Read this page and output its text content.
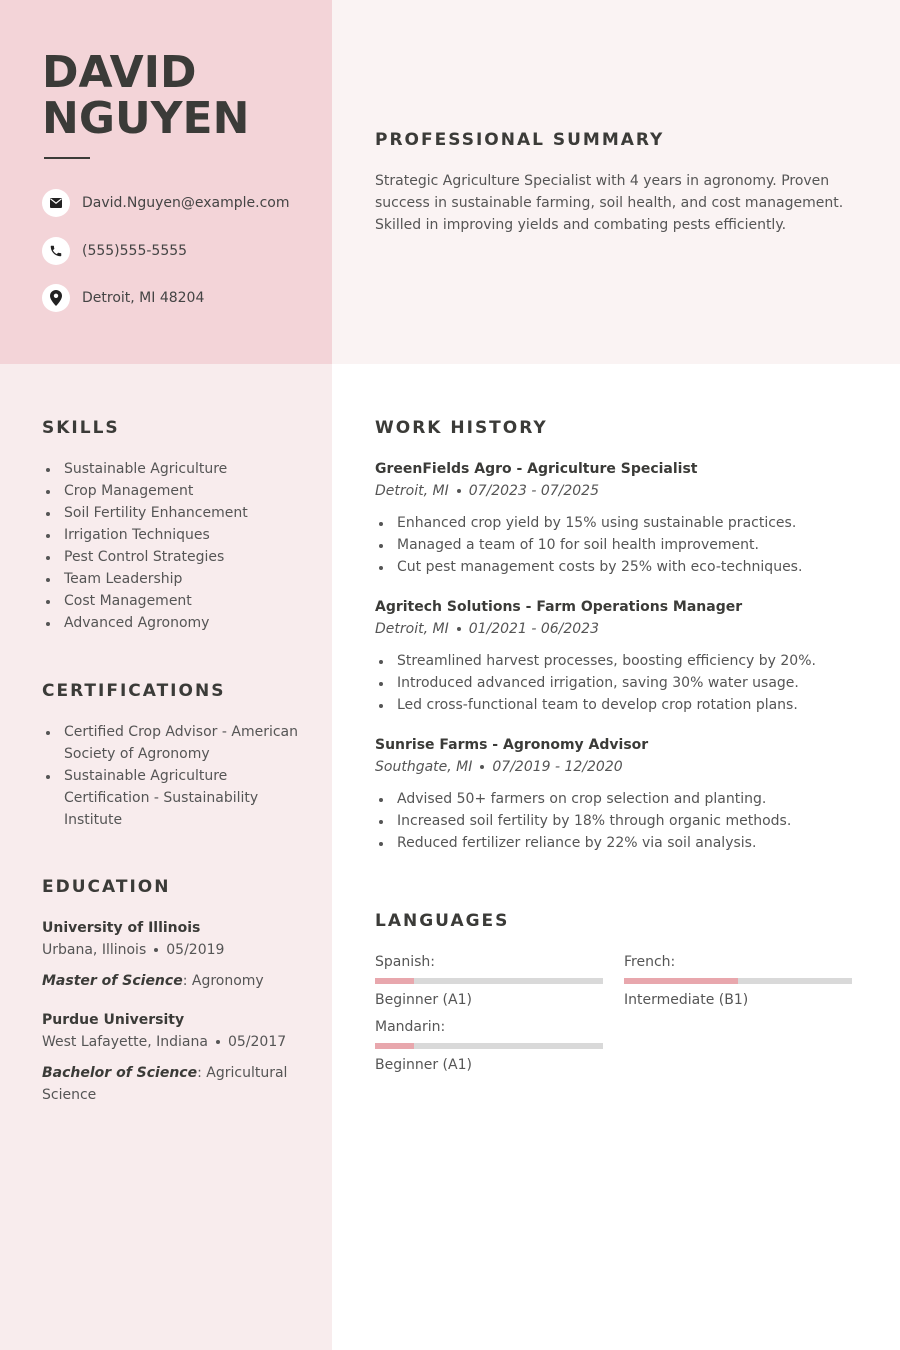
DAVID
NGUYEN
David.Nguyen@example.com
(555)555-5555
Detroit, MI 48204
PROFESSIONAL SUMMARY
Strategic Agriculture Specialist with 4 years in agronomy. Proven success in sustainable farming, soil health, and cost management. Skilled in improving yields and combating pests efficiently.
SKILLS
Sustainable Agriculture
Crop Management
Soil Fertility Enhancement
Irrigation Techniques
Pest Control Strategies
Team Leadership
Cost Management
Advanced Agronomy
CERTIFICATIONS
Certified Crop Advisor - American Society of Agronomy
Sustainable Agriculture Certification - Sustainability Institute
EDUCATION
University of Illinois
Urbana, Illinois 05/2019
Master of Science: Agronomy
Purdue University
West Lafayette, Indiana 05/2017
Bachelor of Science: Agricultural Science
WORK HISTORY
GreenFields Agro - Agriculture Specialist
Detroit, MI 07/2023 - 07/2025
Enhanced crop yield by 15% using sustainable practices.
Managed a team of 10 for soil health improvement.
Cut pest management costs by 25% with eco-techniques.
Agritech Solutions - Farm Operations Manager
Detroit, MI 01/2021 - 06/2023
Streamlined harvest processes, boosting efficiency by 20%.
Introduced advanced irrigation, saving 30% water usage.
Led cross-functional team to develop crop rotation plans.
Sunrise Farms - Agronomy Advisor
Southgate, MI 07/2019 - 12/2020
Advised 50+ farmers on crop selection and planting.
Increased soil fertility by 18% through organic methods.
Reduced fertilizer reliance by 22% via soil analysis.
LANGUAGES
Spanish:
Beginner (A1)
French:
Intermediate (B1)
Mandarin:
Beginner (A1)
